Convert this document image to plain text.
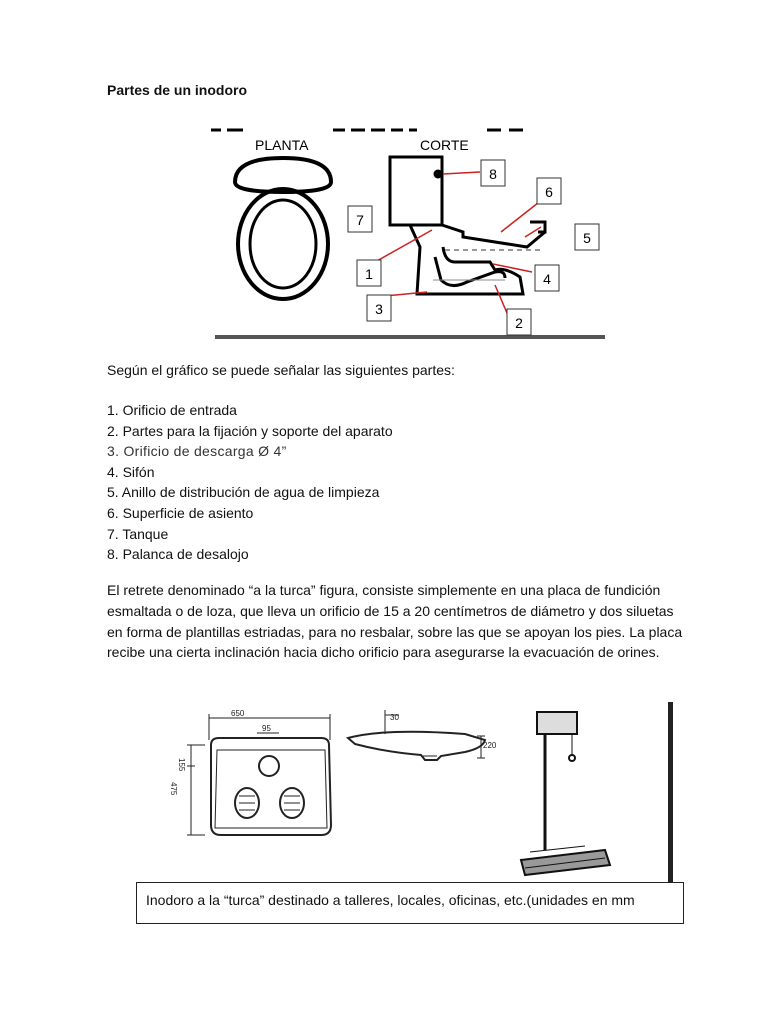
Partes de un inodoro
PLANTA	CORTE
1
2
3
4
5
6
7
8

Según el gráfico se puede señalar las siguientes partes:

1. Orificio de entrada
2. Partes para la fijación y soporte del aparato
3. Orificio de descarga Ø 4”
4. Sifón
5. Anillo de distribución de agua de limpieza
6. Superficie de asiento
7. Tanque
8. Palanca de desalojo

El retrete denominado “a la turca” figura, consiste simplemente en una placa de fundición esmaltada o de loza, que lleva un orificio de 15 a 20 centímetros de diámetro y dos siluetas en forma de plantillas estriadas, para no resbalar, sobre las que se apoyan los pies. La placa recibe una cierta inclinación hacia dicho orificio para asegurarse la evacuación de orines.

650
95
155
475
30
220
Inodoro a la “turca” destinado a talleres, locales, oficinas, etc.(unidades en mm
